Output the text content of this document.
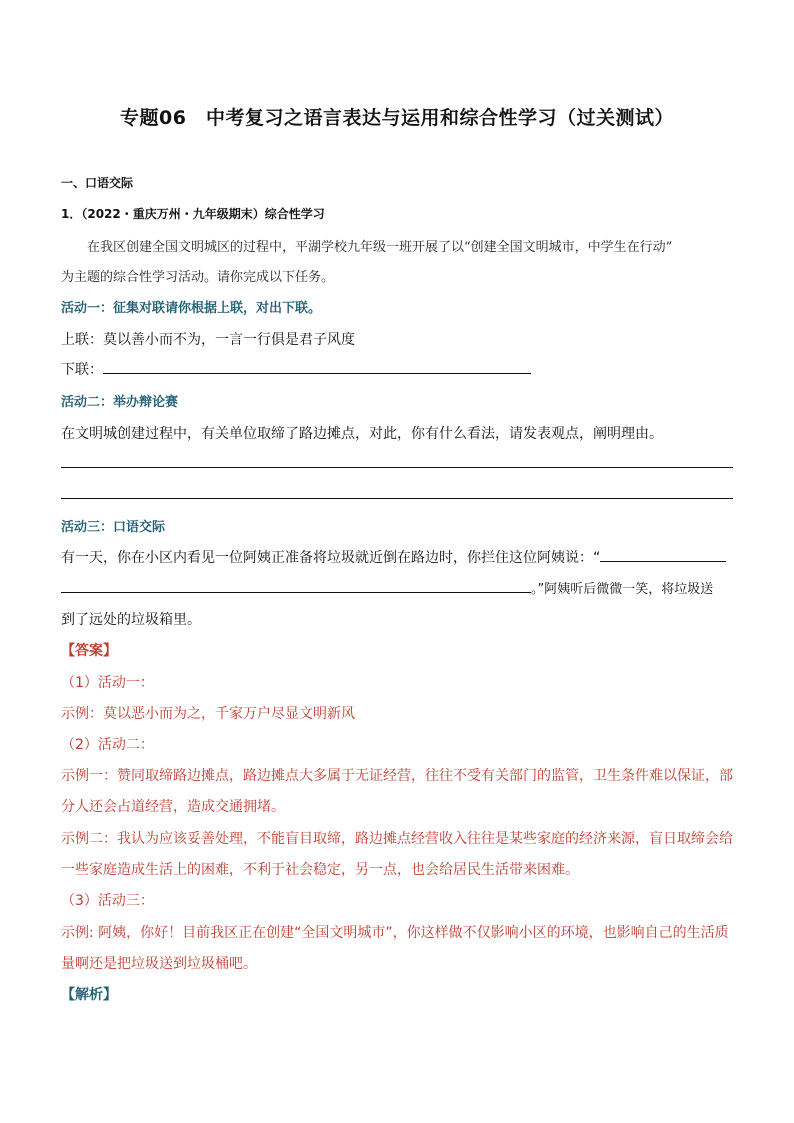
专题06　中考复习之语言表达与运用和综合性学习（过关测试）
一、口语交际
1．（2022・重庆万州・九年级期末）综合性学习
　　在我区创建全国文明城区的过程中，平湖学校九年级一班开展了以“创建全国文明城市，中学生在行动”
为主题的综合性学习活动。请你完成以下任务。
活动一：征集对联请你根据上联，对出下联。
上联：莫以善小而不为，一言一行俱是君子风度
下联：
活动二：举办辩论赛
在文明城创建过程中，有关单位取缔了路边摊点，对此，你有什么看法，请发表观点，阐明理由。
活动三：口语交际
有一天，你在小区内看见一位阿姨正准备将垃圾就近倒在路边时，你拦住这位阿姨说：“
。”阿姨听后微微一笑，将垃圾送
到了远处的垃圾箱里。
【答案】
（1）活动一：
示例：莫以恶小而为之，千家万户尽显文明新风
（2）活动二：
示例一：赞同取缔路边摊点，路边摊点大多属于无证经营，往往不受有关部门的监管，卫生条件难以保证，部
分人还会占道经营，造成交通拥堵。
示例二：我认为应该妥善处理，不能盲目取缔，路边摊点经营收入往往是某些家庭的经济来源，盲日取缔会给
一些家庭造成生活上的困难，不利于社会稳定，另一点，也会给居民生活带来困难。
（3）活动三：
示例: 阿姨，你好！目前我区正在创建“全国文明城市”，你这样做不仅影响小区的环境，也影响自己的生活质
量啊还是把垃圾送到垃圾桶吧。
【解析】
